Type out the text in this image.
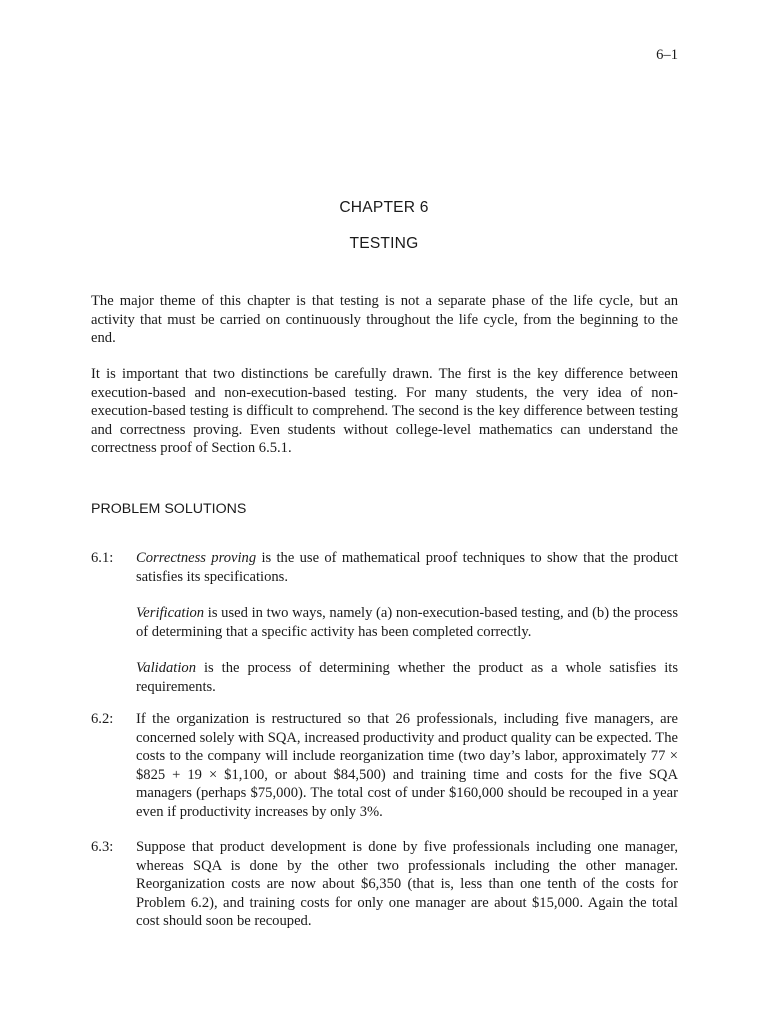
6–1
CHAPTER 6
TESTING

The major theme of this chapter is that testing is not a separate phase of the life cycle, but an activity that must be carried on continuously throughout the life cycle, from the beginning to the end.

It is important that two distinctions be carefully drawn. The first is the key difference between execution-based and non-execution-based testing. For many students, the very idea of non-execution-based testing is difficult to comprehend. The second is the key difference between testing and correctness proving. Even students without college-level mathematics can understand the correctness proof of Section 6.5.1.

PROBLEM SOLUTIONS
6.1:	Correctness proving is the use of mathematical proof techniques to show that the product satisfies its specifications.

Verification is used in two ways, namely (a) non-execution-based testing, and (b) the process of determining that a specific activity has been completed correctly.

Validation is the process of determining whether the product as a whole satisfies its requirements.

6.2:	If the organization is restructured so that 26 professionals, including five managers, are concerned solely with SQA, increased productivity and product quality can be expected. The costs to the company will include reorganization time (two day’s labor, approximately 77 × $825 + 19 × $1,100, or about $84,500) and training time and costs for the five SQA managers (perhaps $75,000). The total cost of under $160,000 should be recouped in a year even if productivity increases by only 3%.

6.3:	Suppose that product development is done by five professionals including one manager, whereas SQA is done by the other two professionals including the other manager. Reorganization costs are now about $6,350 (that is, less than one tenth of the costs for Problem 6.2), and training costs for only one manager are about $15,000. Again the total cost should soon be recouped.
